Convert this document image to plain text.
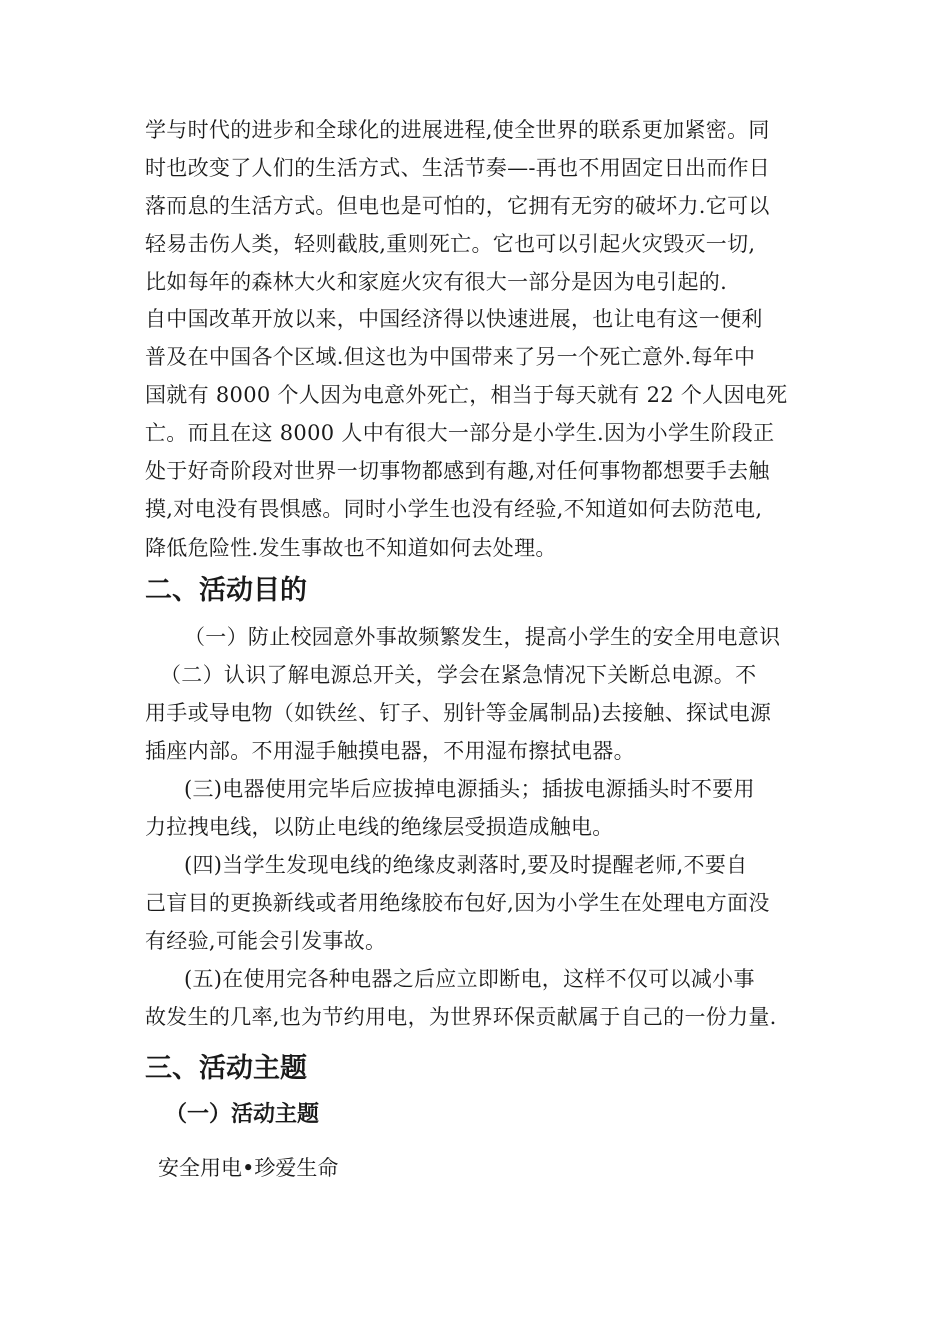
学与时代的进步和全球化的进展进程,使全世界的联系更加紧密。同
时也改变了人们的生活方式、生活节奏—-再也不用固定日出而作日
落而息的生活方式。但电也是可怕的，它拥有无穷的破坏力.它可以
轻易击伤人类，轻则截肢,重则死亡。它也可以引起火灾毁灭一切,
比如每年的森林大火和家庭火灾有很大一部分是因为电引起的.
自中国改革开放以来，中国经济得以快速进展，也让电有这一便利
普及在中国各个区域.但这也为中国带来了另一个死亡意外.每年中
国就有 8000 个人因为电意外死亡，相当于每天就有 22 个人因电死
亡。而且在这 8000 人中有很大一部分是小学生.因为小学生阶段正
处于好奇阶段对世界一切事物都感到有趣,对任何事物都想要手去触
摸,对电没有畏惧感。同时小学生也没有经验,不知道如何去防范电,
降低危险性.发生事故也不知道如何去处理。
二、活动目的
（一）防止校园意外事故频繁发生，提高小学生的安全用电意识
（二）认识了解电源总开关，学会在紧急情况下关断总电源。不
用手或导电物（如铁丝、钉子、别针等金属制品)去接触、探试电源
插座内部。不用湿手触摸电器，不用湿布擦拭电器。
(三)电器使用完毕后应拔掉电源插头；插拔电源插头时不要用
力拉拽电线，以防止电线的绝缘层受损造成触电。
(四)当学生发现电线的绝缘皮剥落时,要及时提醒老师,不要自
己盲目的更换新线或者用绝缘胶布包好,因为小学生在处理电方面没
有经验,可能会引发事故。
(五)在使用完各种电器之后应立即断电，这样不仅可以减小事
故发生的几率,也为节约用电，为世界环保贡献属于自己的一份力量.
三、活动主题
（一）活动主题
安全用电•珍爱生命
